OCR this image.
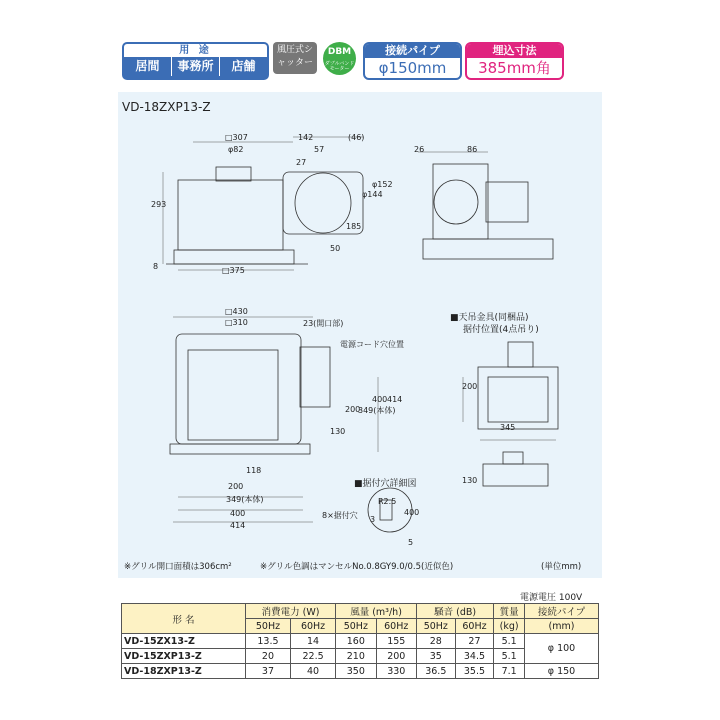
用 途
居間	事務所	店舗
風圧式シャッター
DBM
ダブルバンドモーター
接続パイプ
φ150mm
埋込寸法
385mm角
VD-18ZXP13-Z
□307
φ82
142	(46)
57
27
φ144
φ152
293
185
50
8	□375
26	86
□430
□310	23(開口部)
電源コード穴位置
130
200
349(本体)
400 414
118
200
349(本体)
400
414
8×据付穴
■天吊金具(同梱品)
据付位置(4点吊り)
200
345
130
■据付穴詳細図
R2.5
3
5
400
※グリル開口面積は306cm²	※グリル色調はマンセルNo.0.8GY9.0/0.5(近似色)	(単位mm)
電源電圧 100V
形 名	消費電力 (W)		風量 (m³/h)		騒音 (dB)		質量	接続パイプ
	50Hz	60Hz	50Hz	60Hz	50Hz	60Hz	(kg)	(mm)
VD-15ZX13-Z	13.5	14	160	155	28	27	5.1	φ 100
VD-15ZXP13-Z	20	22.5	210	200	35	34.5	5.1	
VD-18ZXP13-Z	37	40	350	330	36.5	35.5	7.1	φ 150
